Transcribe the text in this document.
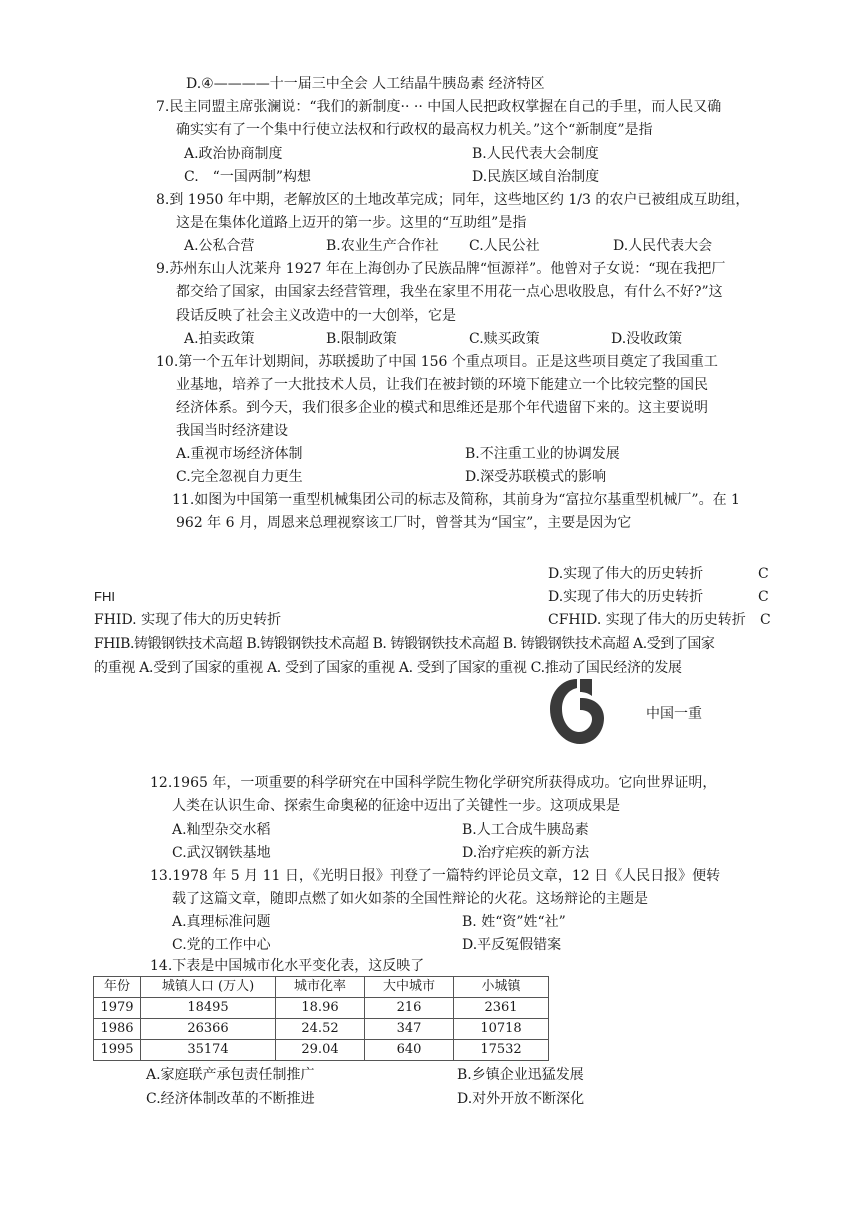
D.④————十一届三中全会 人工结晶牛胰岛素 经济特区
7.民主同盟主席张澜说：“我们的新制度·· ·· 中国人民把政权掌握在自己的手里，而人民又确
确实实有了一个集中行使立法权和行政权的最高权力机关。”这个“新制度”是指
A.政治协商制度	B.人民代表大会制度
C.　“一国两制”构想	D.民族区域自治制度
8.到 1950 年中期，老解放区的土地改革完成；同年，这些地区约 1/3 的农户已被组成互助组，
这是在集体化道路上迈开的第一步。这里的“互助组”是指
A.公私合营	B.农业生产合作社 C.人民公社	D.人民代表大会
9.苏州东山人沈莱舟 1927 年在上海创办了民族品牌“恒源祥”。他曾对子女说：“现在我把厂
都交给了国家，由国家去经营管理，我坐在家里不用花一点心思收股息，有什么不好?”这
段话反映了社会主义改造中的一大创举，它是
A.拍卖政策	B.限制政策	C.赎买政策	D.没收政策
10.第一个五年计划期间，苏联援助了中国 156 个重点项目。正是这些项目奠定了我国重工
业基地，培养了一大批技术人员，让我们在被封锁的环境下能建立一个比较完整的国民
经济体系。到今天，我们很多企业的模式和思维还是那个年代遗留下来的。这主要说明
我国当时经济建设
A.重视市场经济体制	B.不注重工业的协调发展
C.完全忽视自力更生	D.深受苏联模式的影响
11.如图为中国第一重型机械集团公司的标志及简称，其前身为“富拉尔基重型机械厂”。在 1
962 年 6 月，周恩来总理视察该工厂时，曾誉其为“国宝”，主要是因为它
D.实现了伟大的历史转折	C
FHI	D.实现了伟大的历史转折	C
FHID. 实现了伟大的历史转折	CFHID. 实现了伟大的历史转折 C
FHIB.铸锻钢铁技术高超 B.铸锻钢铁技术高超 B. 铸锻钢铁技术高超 B. 铸锻钢铁技术高超 A.受到了国家
的重视 A.受到了国家的重视 A. 受到了国家的重视 A. 受到了国家的重视 C.推动了国民经济的发展
中国一重
12.1965 年，一项重要的科学研究在中国科学院生物化学研究所获得成功。它向世界证明，
人类在认识生命、探索生命奥秘的征途中迈出了关键性一步。这项成果是
A.籼型杂交水稻	B.人工合成牛胰岛素
C.武汉钢铁基地	D.治疗疟疾的新方法
13.1978 年 5 月 11 日，《光明日报》刊登了一篇特约评论员文章，12 日《人民日报》便转
载了这篇文章，随即点燃了如火如荼的全国性辩论的火花。这场辩论的主题是
A.真理标准问题	B. 姓“资”姓“社”
C.党的工作中心	D.平反冤假错案
14.下表是中国城市化水平变化表，这反映了
年份	城镇人口 (万人)	城市化率	大中城市	小城镇
1979	18495	18.96	216	2361
1986	26366	24.52	347	10718
1995	35174	29.04	640	17532
A.家庭联产承包责任制推广	B.乡镇企业迅猛发展
C.经济体制改革的不断推进	D.对外开放不断深化
